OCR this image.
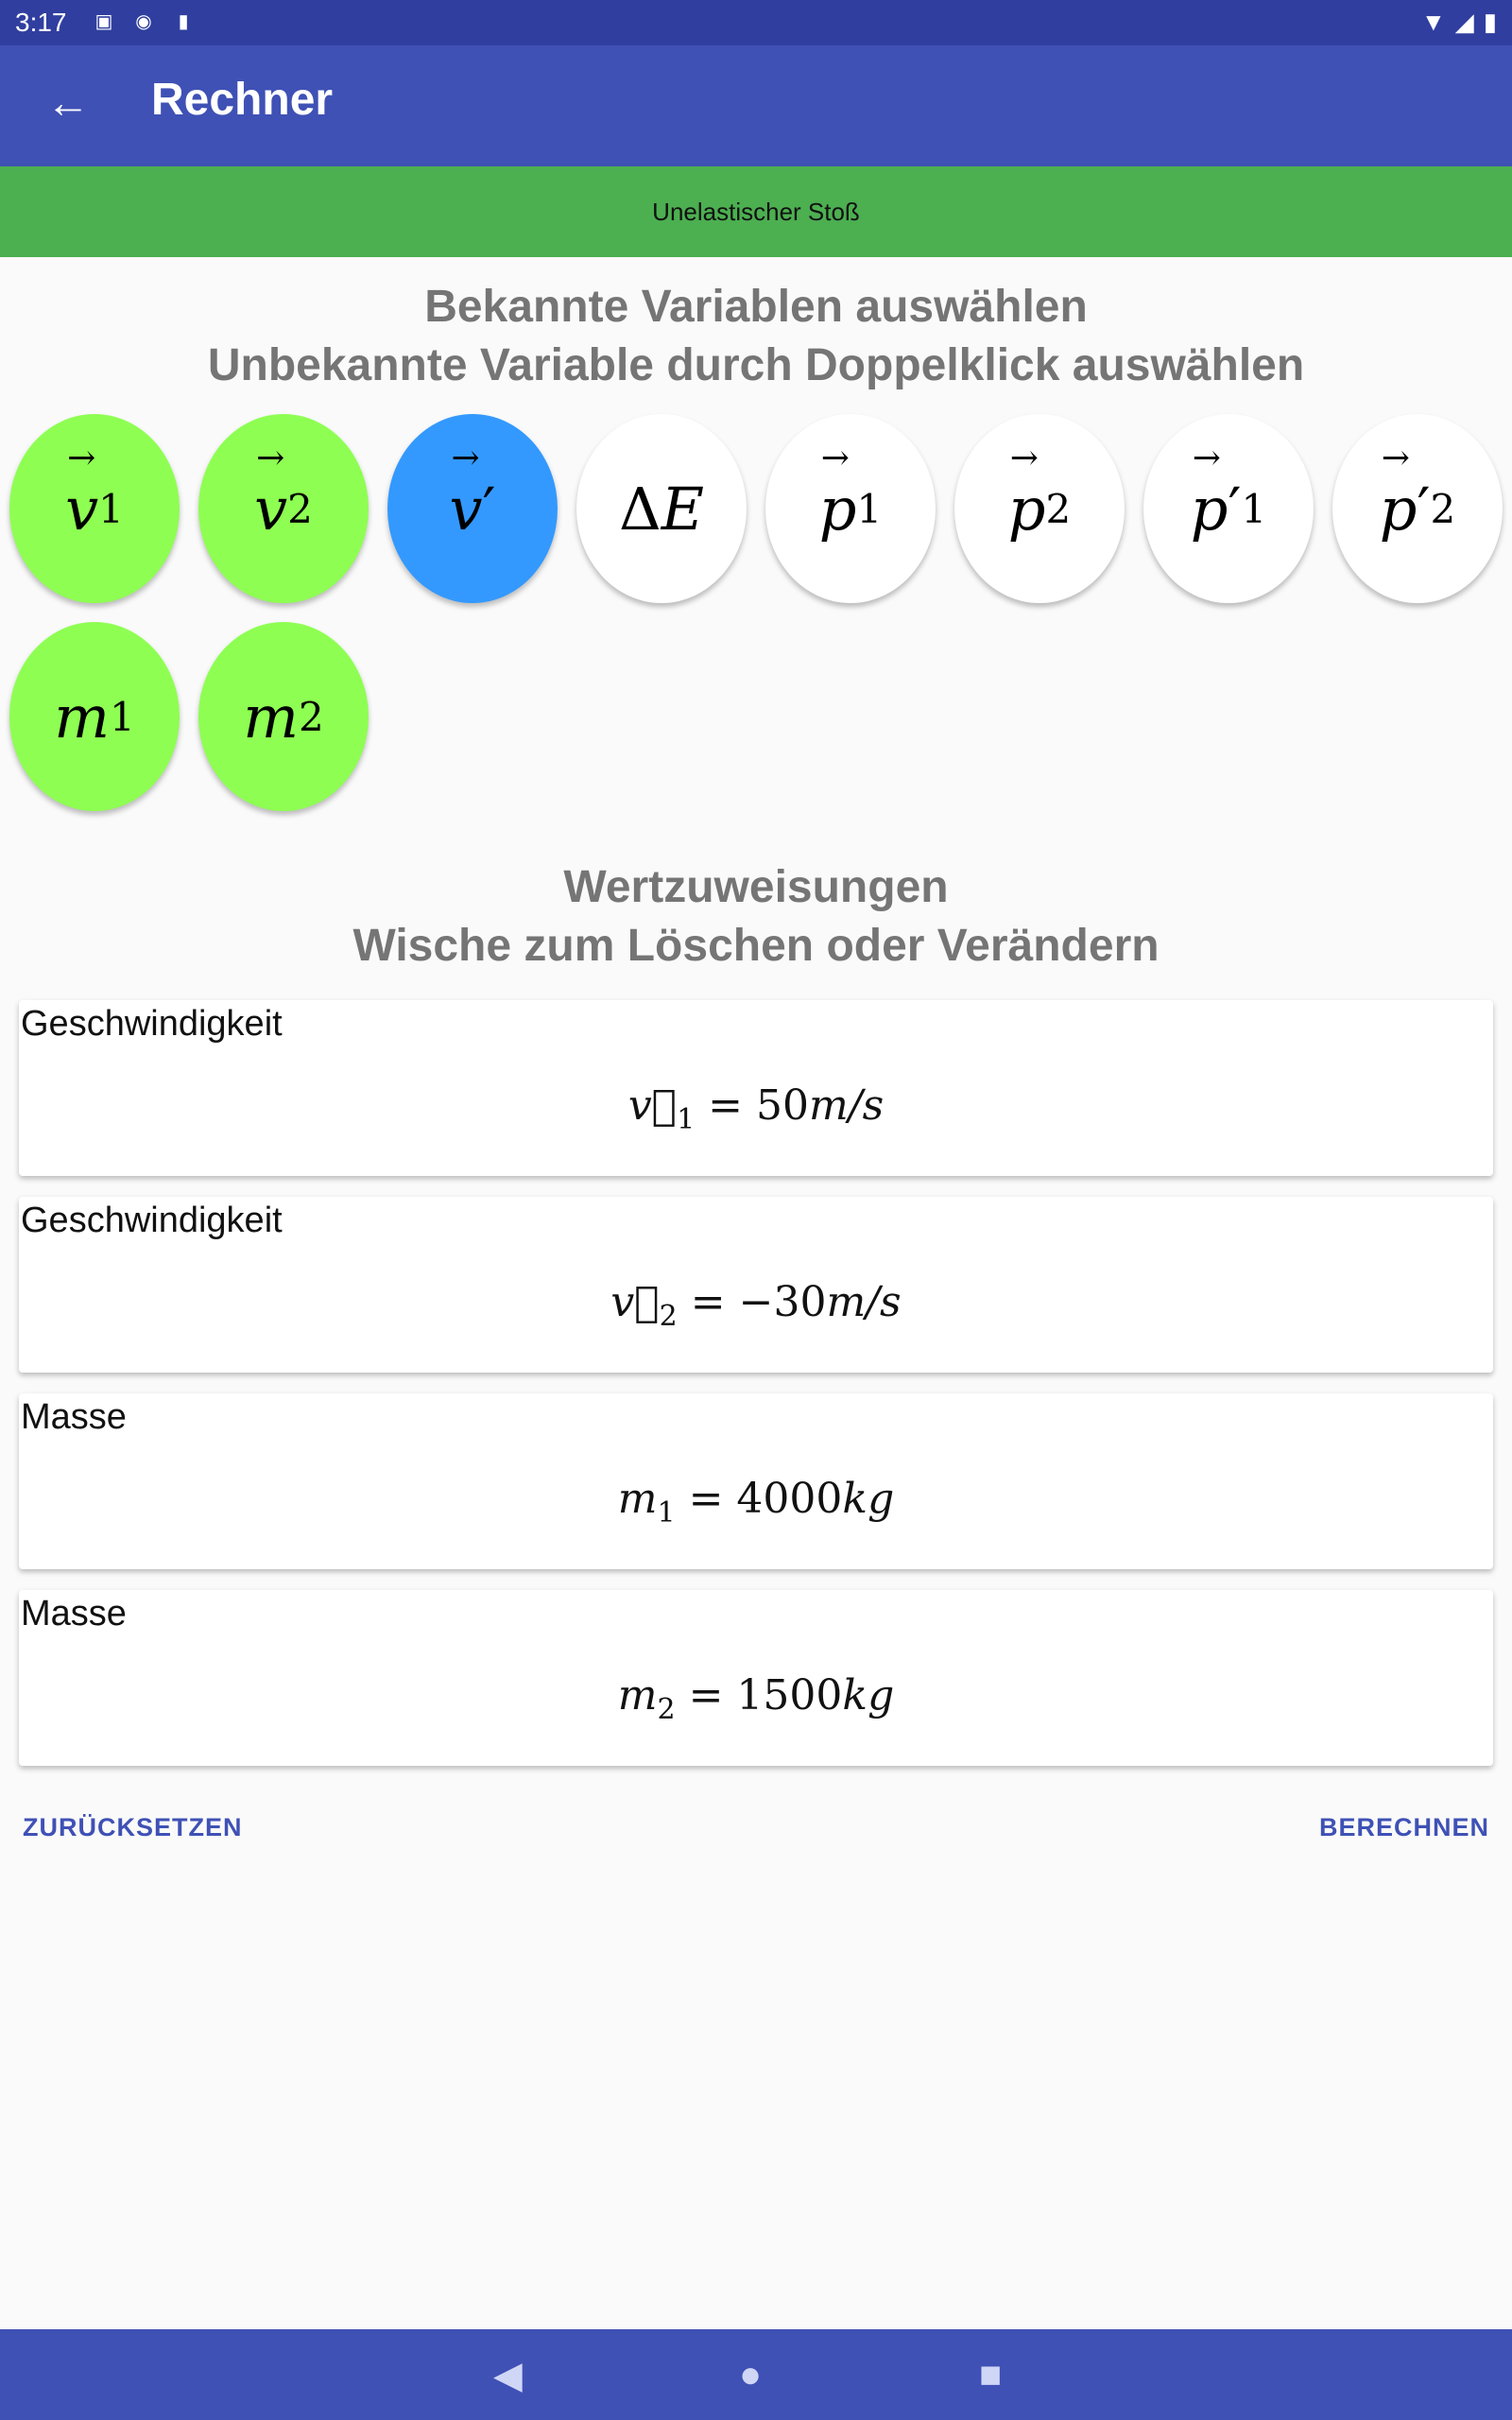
3:17 ▣ ◉	▮	▼ ◢ ▮
← Rechner
Unelastischer Stoß
Bekannte Variablen auswählen
Unbekannte Variable durch Doppelklick auswählen
→ v 1 → v 2 → v ′ Δ E → p 1 → p 2 → p ′ 1 → p ′ 2
m 1 m 2
Wertzuweisungen
Wische zum Löschen oder Verändern
Geschwindigkeit
$v⃗_1 = 50m/s$
Geschwindigkeit
$v⃗_2 = -30m/s$
Masse
$m_1 = 4000kg$
Masse
$m_2 = 1500kg$
ZURÜCKSETZEN	BERECHNEN
◀	●	■
